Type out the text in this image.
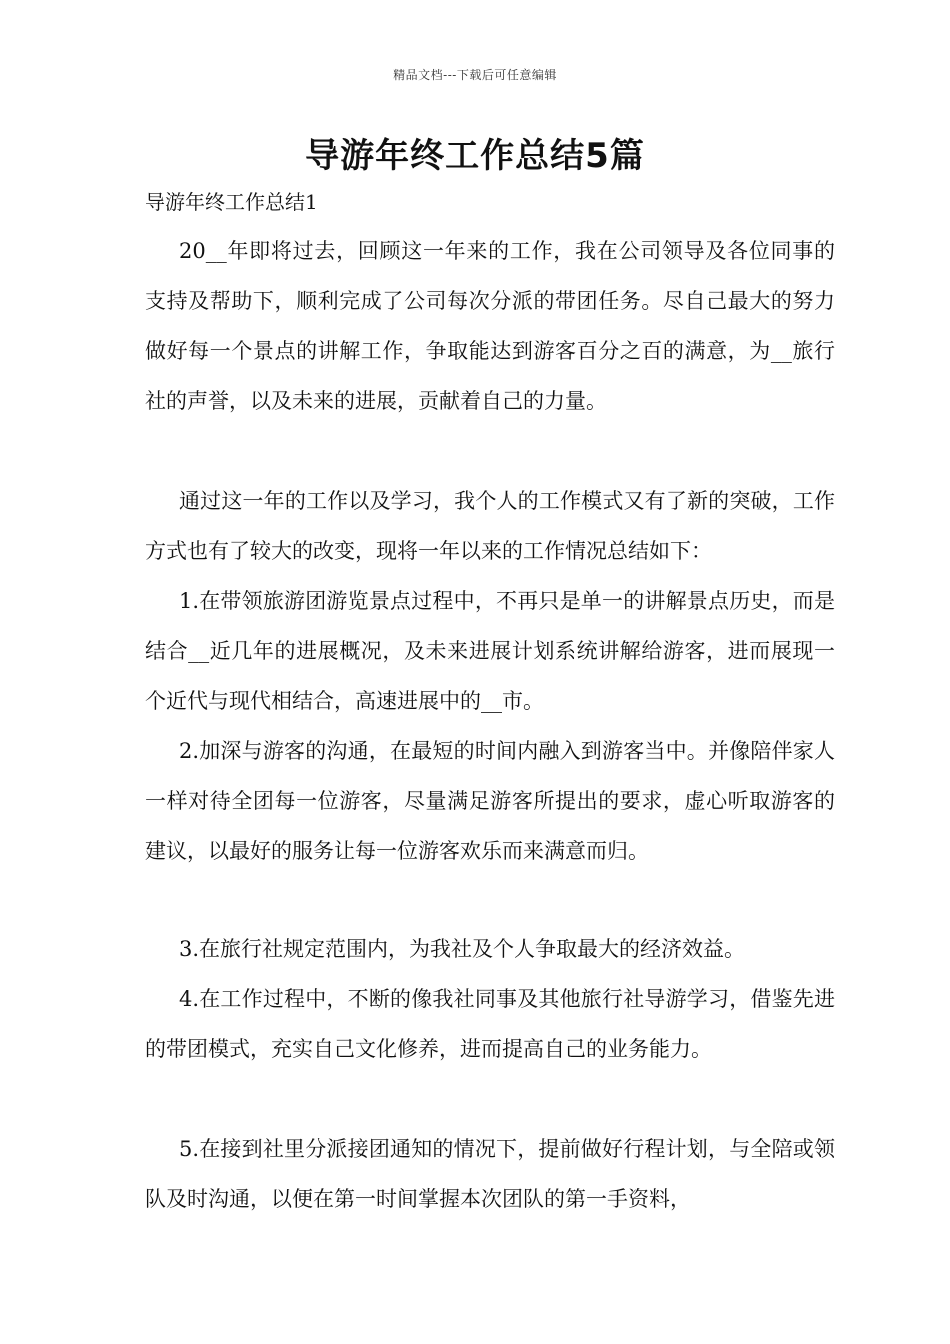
精品文档---下载后可任意编辑
导游年终工作总结5篇
导游年终工作总结1

20__年即将过去，回顾这一年来的工作，我在公司领导及各位同事的支持及帮助下，顺利完成了公司每次分派的带团任务。尽自己最大的努力做好每一个景点的讲解工作，争取能达到游客百分之百的满意，为__旅行社的声誉，以及未来的进展，贡献着自己的力量。

通过这一年的工作以及学习，我个人的工作模式又有了新的突破，工作方式也有了较大的改变，现将一年以来的工作情况总结如下：

1.在带领旅游团游览景点过程中，不再只是单一的讲解景点历史，而是结合__近几年的进展概况，及未来进展计划系统讲解给游客，进而展现一个近代与现代相结合，高速进展中的__市。

2.加深与游客的沟通，在最短的时间内融入到游客当中。并像陪伴家人一样对待全团每一位游客，尽量满足游客所提出的要求，虚心听取游客的建议，以最好的服务让每一位游客欢乐而来满意而归。

3.在旅行社规定范围内，为我社及个人争取最大的经济效益。

4.在工作过程中，不断的像我社同事及其他旅行社导游学习，借鉴先进的带团模式，充实自己文化修养，进而提高自己的业务能力。

5.在接到社里分派接团通知的情况下，提前做好行程计划，与全陪或领队及时沟通，以便在第一时间掌握本次团队的第一手资料，
